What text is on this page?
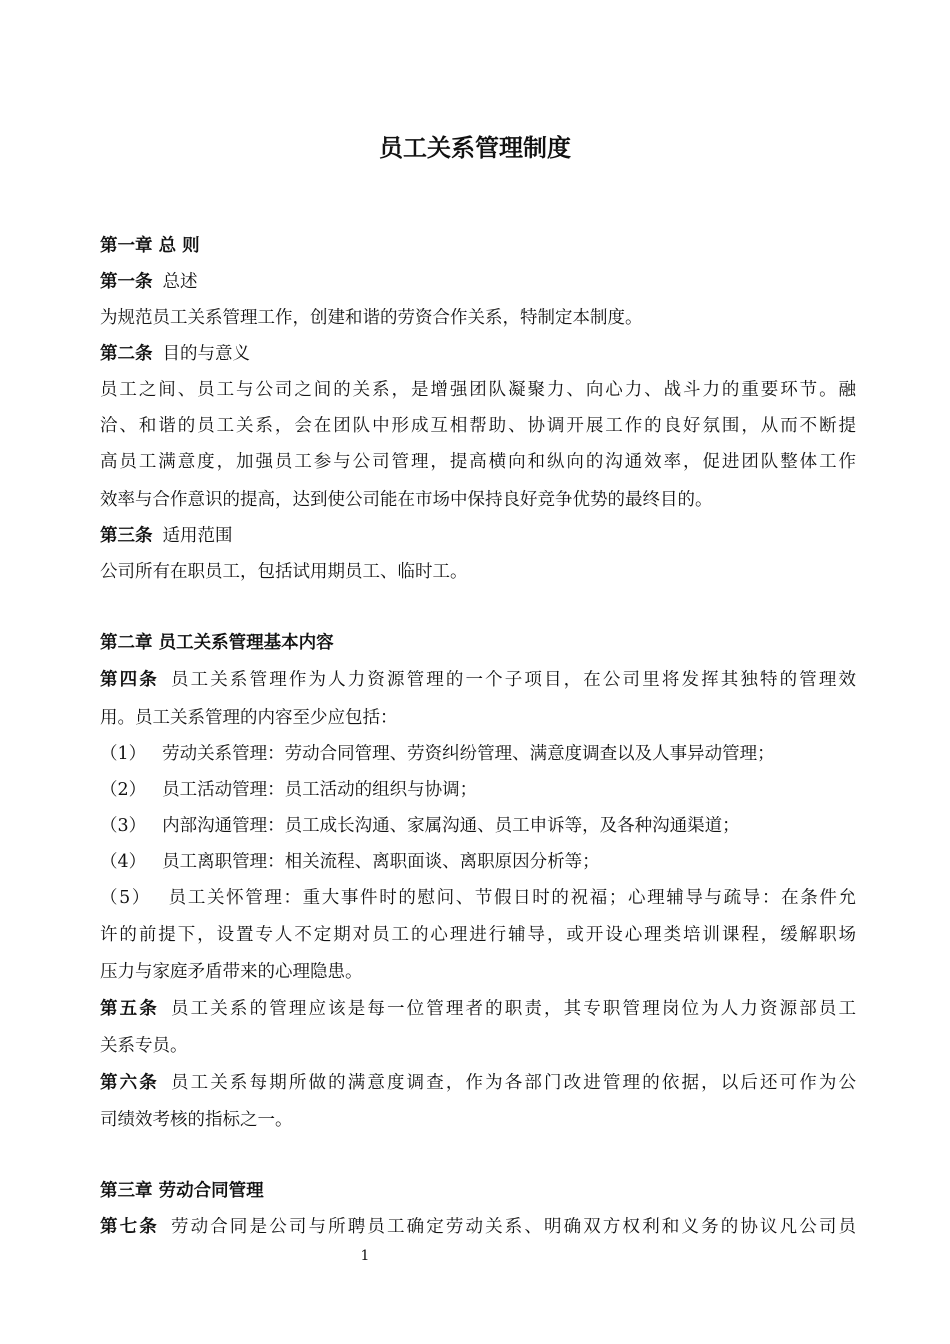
员工关系管理制度
第一章 总 则
第一条 总述
为规范员工关系管理工作，创建和谐的劳资合作关系，特制定本制度。
第二条 目的与意义
员工之间、员工与公司之间的关系，是增强团队凝聚力、向心力、战斗力的重要环节。融
洽、和谐的员工关系，会在团队中形成互相帮助、协调开展工作的良好氛围，从而不断提
高员工满意度，加强员工参与公司管理，提高横向和纵向的沟通效率，促进团队整体工作
效率与合作意识的提高，达到使公司能在市场中保持良好竞争优势的最终目的。
第三条 适用范围
公司所有在职员工，包括试用期员工、临时工。
第二章 员工关系管理基本内容
第四条 员工关系管理作为人力资源管理的一个子项目，在公司里将发挥其独特的管理效
用。员工关系管理的内容至少应包括：
（1） 劳动关系管理：劳动合同管理、劳资纠纷管理、满意度调查以及人事异动管理；
（2） 员工活动管理：员工活动的组织与协调；
（3） 内部沟通管理：员工成长沟通、家属沟通、员工申诉等，及各种沟通渠道；
（4） 员工离职管理：相关流程、离职面谈、离职原因分析等；
（5） 员工关怀管理：重大事件时的慰问、节假日时的祝福；心理辅导与疏导：在条件允
许的前提下，设置专人不定期对员工的心理进行辅导，或开设心理类培训课程，缓解职场
压力与家庭矛盾带来的心理隐患。
第五条 员工关系的管理应该是每一位管理者的职责，其专职管理岗位为人力资源部员工
关系专员。
第六条 员工关系每期所做的满意度调查，作为各部门改进管理的依据，以后还可作为公
司绩效考核的指标之一。
第三章 劳动合同管理
第七条 劳动合同是公司与所聘员工确定劳动关系、明确双方权利和义务的协议凡公司员
1
